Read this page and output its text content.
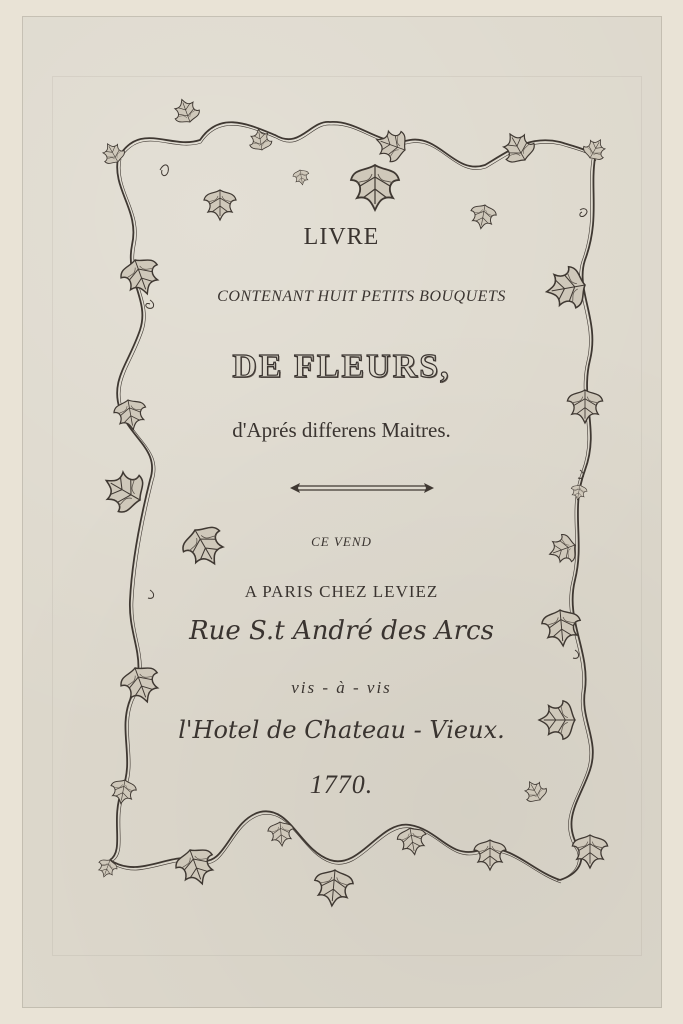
LIVRE
CONTENANT HUIT PETITS BOUQUETS
DE FLEURS,
d'Aprés differens Maitres.
CE VEND
A PARIS CHEZ LEVIEZ
Rue S.t André des Arcs
vis - à - vis
l'Hotel de Chateau - Vieux.
1770.
